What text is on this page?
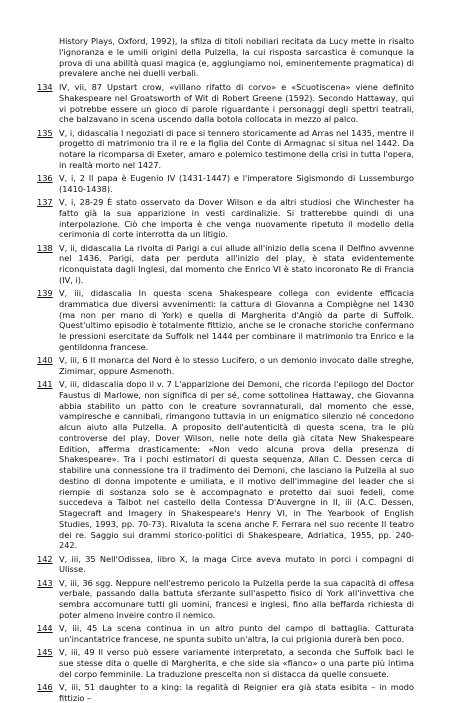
History Plays, Oxford, 1992), la sfilza di titoli nobiliari recitata da Lucy mette in risalto l'ignoranza e le umili origini della Pulzella, la cui risposta sarcastica è comunque la prova di una abilità quasi magica (e, aggiungiamo noi, eminentemente pragmatica) di prevalere anche nei duelli verbali.

134 IV, vii, 87 Upstart crow, «villano rifatto di corvo» e «Scuotiscena» viene definito Shakespeare nel Groatsworth of Wit di Robert Greene (1592). Secondo Hattaway, qui vi potrebbe essere un gioco di parole riguardante i personaggi degli spettri teatrali, che balzavano in scena uscendo dalla botola collocata in mezzo al palco.

135 V, i, didascalia I negoziati di pace si tennero storicamente ad Arras nel 1435, mentre il progetto di matrimonio tra il re e la figlia del Conte di Armagnac si situa nel 1442. Da notare la ricomparsa di Exeter, amaro e polemico testimone della crisi in tutta l'opera, in realtà morto nel 1427.

136 V, i, 2 Il papa è Eugenio IV (1431-1447) e l'imperatore Sigismondo di Lussemburgo (1410-1438).

137 V, i, 28-29 È stato osservato da Dover Wilson e da altri studiosi che Winchester ha fatto già la sua apparizione in vesti cardinalizie. Si tratterebbe quindi di una interpolazione. Ciò che importa è che venga nuovamente ripetuto il modello della cerimonia di corte interrotta da un litigio.

138 V, ii, didascalia La rivolta di Parigi a cui allude all'inizio della scena il Delfino avvenne nel 1436. Parigi, data per perduta all'inizio del play, è stata evidentemente riconquistata dagli Inglesi, dal momento che Enrico VI è stato incoronato Re di Francia (IV, i).

139 V, iii, didascalia In questa scena Shakespeare collega con evidente efficacia drammatica due diversi avvenimenti: la cattura di Giovanna a Compiègne nel 1430 (ma non per mano di York) e quella di Margherita d'Angiò da parte di Suffolk. Quest'ultimo episodio è totalmente fittizio, anche se le cronache storiche confermano le pressioni esercitate da Suffolk nel 1444 per combinare il matrimonio tra Enrico e la gentildonna francese.

140 V, iii, 6 Il monarca del Nord è lo stesso Lucifero, o un demonio invocato dalle streghe, Zimimar, oppure Asmenoth.

141 V, iii, didascalia dopo il v. 7 L'apparizione dei Demoni, che ricorda l'epilogo del Doctor Faustus di Marlowe, non significa di per sé, come sottolinea Hattaway, che Giovanna abbia stabilito un patto con le creature sovrannaturali, dal momento che esse, vampiresche e cannibali, rimangono tuttavia in un enigmatico silenzio né concedono alcun aiuto alla Pulzella. A proposito dell'autenticità di questa scena, tra le più controverse del play, Dover Wilson, nelle note della già citata New Shakespeare Edition, afferma drasticamente: «Non vedo alcuna prova della presenza di Shakespeare». Tra i pochi estimatori di questa sequenza, Allan C. Dessen cerca di stabilire una connessione tra il tradimento dei Demoni, che lasciano la Pulzella al suo destino di donna impotente e umiliata, e il motivo dell'immagine del leader che si riempie di sostanza solo se è accompagnato e protetto dai suoi fedeli, come succedeva a Talbot nel castello della Contessa D'Auvergne in II, iii (A.C. Dessen, Stagecraft and Imagery in Shakespeare's Henry VI, in The Yearbook of English Studies, 1993, pp. 70-73). Rivaluta la scena anche F. Ferrara nel suo recente Il teatro dei re. Saggio sui drammi storico-politici di Shakespeare, Adriatica, 1955, pp. 240-242.

142 V, iii, 35 Nell'Odissea, libro X, la maga Circe aveva mutato in porci i compagni di Ulisse.

143 V, iii, 36 sgg. Neppure nell'estremo pericolo la Pulzella perde la sua capacità di offesa verbale, passando dalla battuta sferzante sull'aspetto fisico di York all'invettiva che sembra accomunare tutti gli uomini, francesi e inglesi, fino alla beffarda richiesta di poter almeno inveire contro il nemico.

144 V, iii, 45 La scena continua in un altro punto del campo di battaglia. Catturata un'incantatrice francese, ne spunta subito un'altra, la cui prigionia durerà ben poco.

145 V, iii, 49 Il verso può essere variamente interpretato, a seconda che Suffolk baci le sue stesse dita o quelle di Margherita, e che side sia «fianco» o una parte più intima del corpo femminile. La traduzione prescelta non si distacca da quelle consuete.

146 V, iii, 51 daughter to a king: la regalità di Reignier era già stata esibita – in modo fittizio –
